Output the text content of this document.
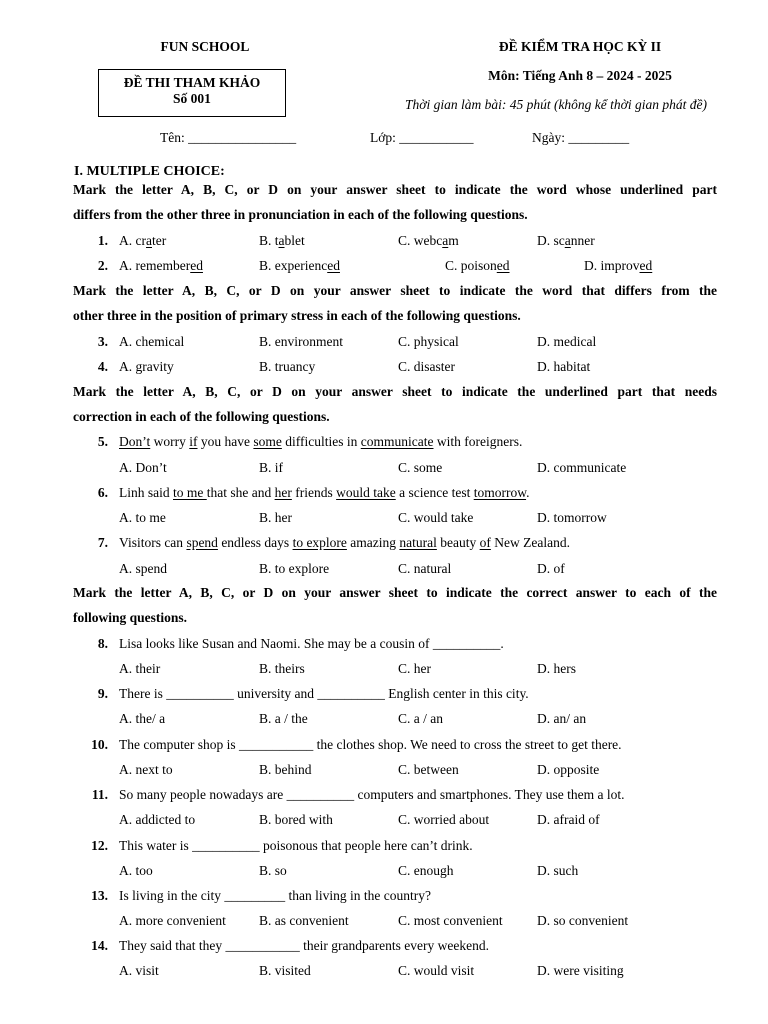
FUN SCHOOL	ĐỀ KIỂM TRA HỌC KỲ II
ĐỀ THI THAM KHẢO
Số 001
Môn: Tiếng Anh 8 – 2024 - 2025
Thời gian làm bài: 45 phút (không kể thời gian phát đề)
Tên: ________________	Lớp: ___________	Ngày: _________
I. MULTIPLE CHOICE:
Mark the letter A, B, C, or D on your answer sheet to indicate the word whose underlined part
differs from the other three in pronunciation in each of the following questions.
1. A. crater	B. tablet	C. webcam	D. scanner
2. A. remembered	B. experienced	C. poisoned	D. improved
Mark the letter A, B, C, or D on your answer sheet to indicate the word that differs from the
other three in the position of primary stress in each of the following questions.
3. A. chemical	B. environment	C. physical	D. medical
4. A. gravity	B. truancy	C. disaster	D. habitat
Mark the letter A, B, C, or D on your answer sheet to indicate the underlined part that needs
correction in each of the following questions.
5. Don’t worry if you have some difficulties in communicate with foreigners.
A. Don’t	B. if	C. some	D. communicate
6. Linh said to me that she and her friends would take a science test tomorrow.
A. to me	B. her	C. would take	D. tomorrow
7. Visitors can spend endless days to explore amazing natural beauty of New Zealand.
A. spend	B. to explore	C. natural	D. of
Mark the letter A, B, C, or D on your answer sheet to indicate the correct answer to each of the
following questions.
8. Lisa looks like Susan and Naomi. She may be a cousin of __________.
A. their	B. theirs	C. her	D. hers
9. There is __________ university and __________ English center in this city.
A. the/ a	B. a / the	C. a / an	D. an/ an
10. The computer shop is ___________ the clothes shop. We need to cross the street to get there.
A. next to	B. behind	C. between	D. opposite
11. So many people nowadays are __________ computers and smartphones. They use them a lot.
A. addicted to	B. bored with	C. worried about	D. afraid of
12. This water is __________ poisonous that people here can’t drink.
A. too	B. so	C. enough	D. such
13. Is living in the city _________ than living in the country?
A. more convenient B. as convenient	C. most convenient	D. so convenient
14. They said that they ___________ their grandparents every weekend.
A. visit	B. visited	C. would visit	D. were visiting
